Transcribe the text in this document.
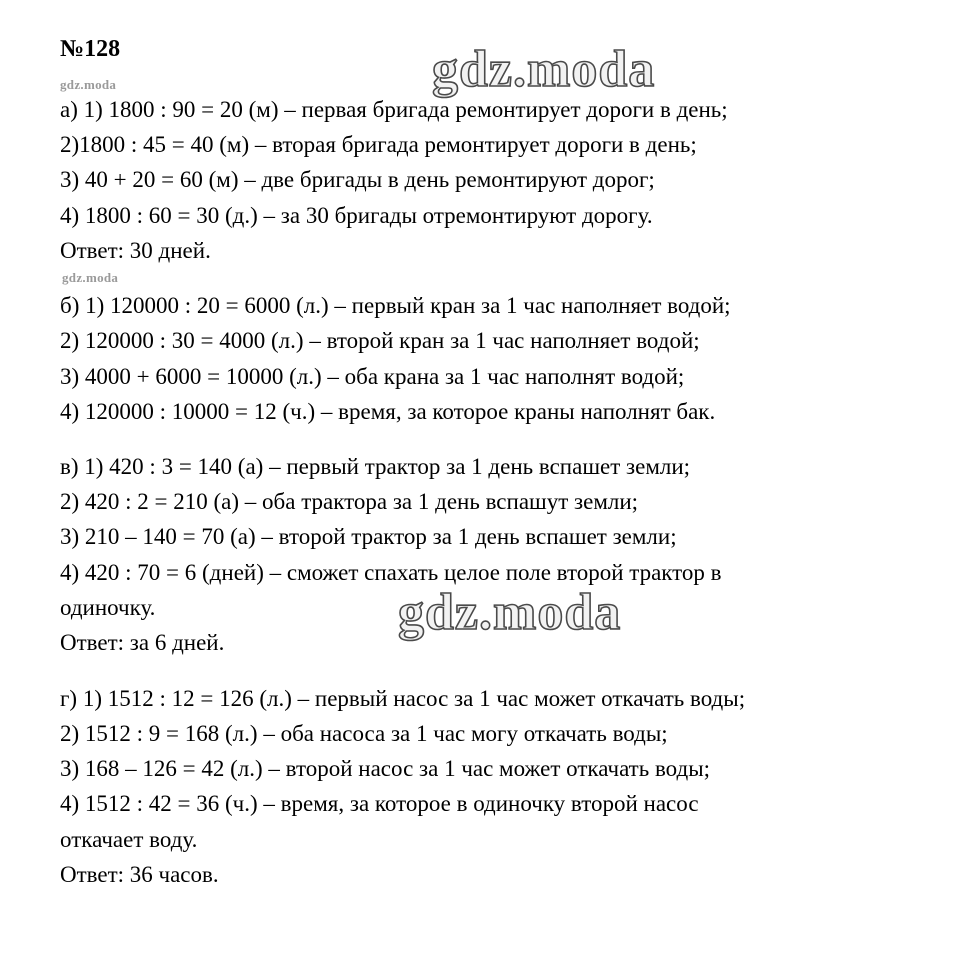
№128
gdz.moda
gdz.moda
gdz.moda
gdz.moda
а) 1) 1800 : 90 = 20 (м) – первая бригада ремонтирует дороги в день;
2)1800 : 45 = 40 (м) – вторая бригада ремонтирует дороги в день;
3) 40 + 20 = 60 (м) – две бригады в день ремонтируют дорог;
4) 1800 : 60 = 30 (д.) – за 30 бригады отремонтируют дорогу.
Ответ: 30 дней.
б) 1) 120000 : 20 = 6000 (л.) – первый кран за 1 час наполняет водой;
2) 120000 : 30 = 4000 (л.) – второй кран за 1 час наполняет водой;
3) 4000 + 6000 = 10000 (л.) – оба крана за 1 час наполнят водой;
4) 120000 : 10000 = 12 (ч.) – время, за которое краны наполнят бак.
в) 1) 420 : 3 = 140 (а) – первый трактор за 1 день вспашет земли;
2) 420 : 2 = 210 (а) – оба трактора за 1 день вспашут земли;
3) 210 – 140 = 70 (а) – второй трактор за 1 день вспашет земли;
4) 420 : 70 = 6 (дней) – сможет спахать целое поле второй трактор в
одиночку.
Ответ: за 6 дней.
г) 1) 1512 : 12 = 126 (л.) – первый насос за 1 час может откачать воды;
2) 1512 : 9 = 168 (л.) – оба насоса за 1 час могу откачать воды;
3) 168 – 126 = 42 (л.) – второй насос за 1 час может откачать воды;
4) 1512 : 42 = 36 (ч.) – время, за которое в одиночку второй насос
откачает воду.
Ответ: 36 часов.
